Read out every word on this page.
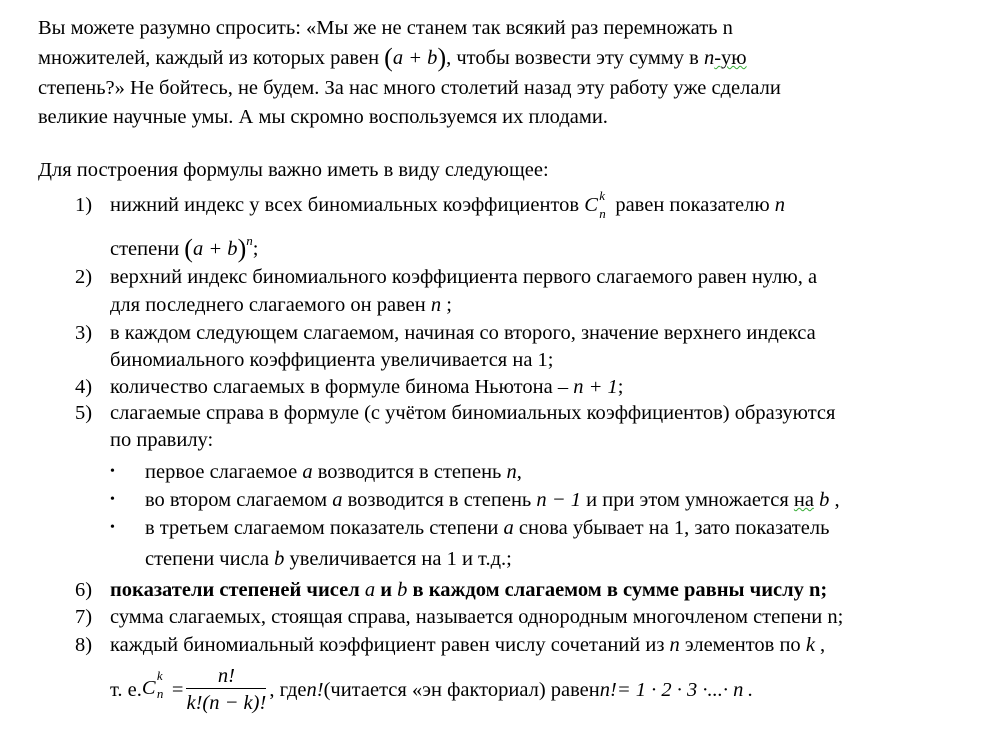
Вы можете разумно спросить: «Мы же не станем так всякий раз перемножать n
множителей, каждый из которых равен (a + b), чтобы возвести эту сумму в n-ую
степень?» Не бойтесь, не будем. За нас много столетий назад эту работу уже сделали
великие научные умы. А мы скромно воспользуемся их плодами.
Для построения формулы важно иметь в виду следующее:
1) нижний индекс у всех биномиальных коэффициентов C k
n равен показателю n
степени $(a + b)^n$;
2) верхний индекс биномиального коэффициента первого слагаемого равен нулю, а
для последнего слагаемого он равен n ;
3) в каждом следующем слагаемом, начиная со второго, значение верхнего индекса
биномиального коэффициента увеличивается на 1;
4) количество слагаемых в формуле бинома Ньютона – n + 1;
5) слагаемые справа в формуле (с учётом биномиальных коэффициентов) образуются
по правилу:
• первое слагаемое a возводится в степень n,
• во втором слагаемом a возводится в степень n − 1 и при этом умножается на b ,
• в третьем слагаемом показатель степени a снова убывает на 1, зато показатель
степени числа b увеличивается на 1 и т.д.;
6) показатели степеней чисел a и b в каждом слагаемом в сумме равны числу n;
7) сумма слагаемых, стоящая справа, называется однородным многочленом степени n;
8) каждый биномиальный коэффициент равен числу сочетаний из n элементов по k ,
т. е. C
k
$n = \frac{n!}{k!(n - k)!}$ , где n! (читается «эн факториал) равен n!= 1 · 2 · 3 ·...· n .
